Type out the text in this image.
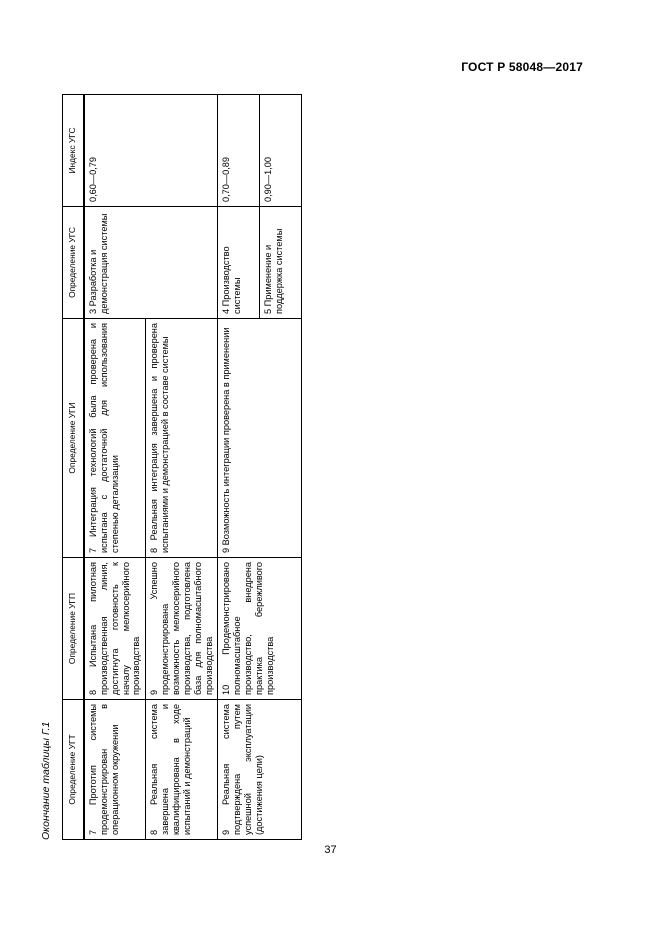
ГОСТ Р 58048—2017
Окончание таблицы Г.1 Определение УГТ	Определение УГП	Определение УГИ	Определение УГС	Индекс УГС
7 Прототип системы продемонстрирован в операционном окружении	8 Испытана пилотная производственная линия, достигнута готовность к началу мелкосерийного производства	7 Интеграция технологий была проверена и испытана с достаточной для использования степенью детализации	3 Разработка и демонстрация системы	0,60—0,79
8 Реальная система завершена и квалифицирована в ходе испытаний и демонстраций	9 Успешно продемонстрирована возможность мелкосерийного производства, подготовлена база для полномасштабного производства	8 Реальная интеграция завершена и проверена испытаниями и демонстрацией в составе системы		
9 Реальная система подтверждена путем успешной эксплуатации (достижения цели)	10 Продемонстрировано полномасштабное производство, внедрена практика бережливого производства	9 Возможность интеграции проверена в применении	4 Производство системы	0,70—0,89
			5 Применение и поддержка системы	0,90—1,00
37
